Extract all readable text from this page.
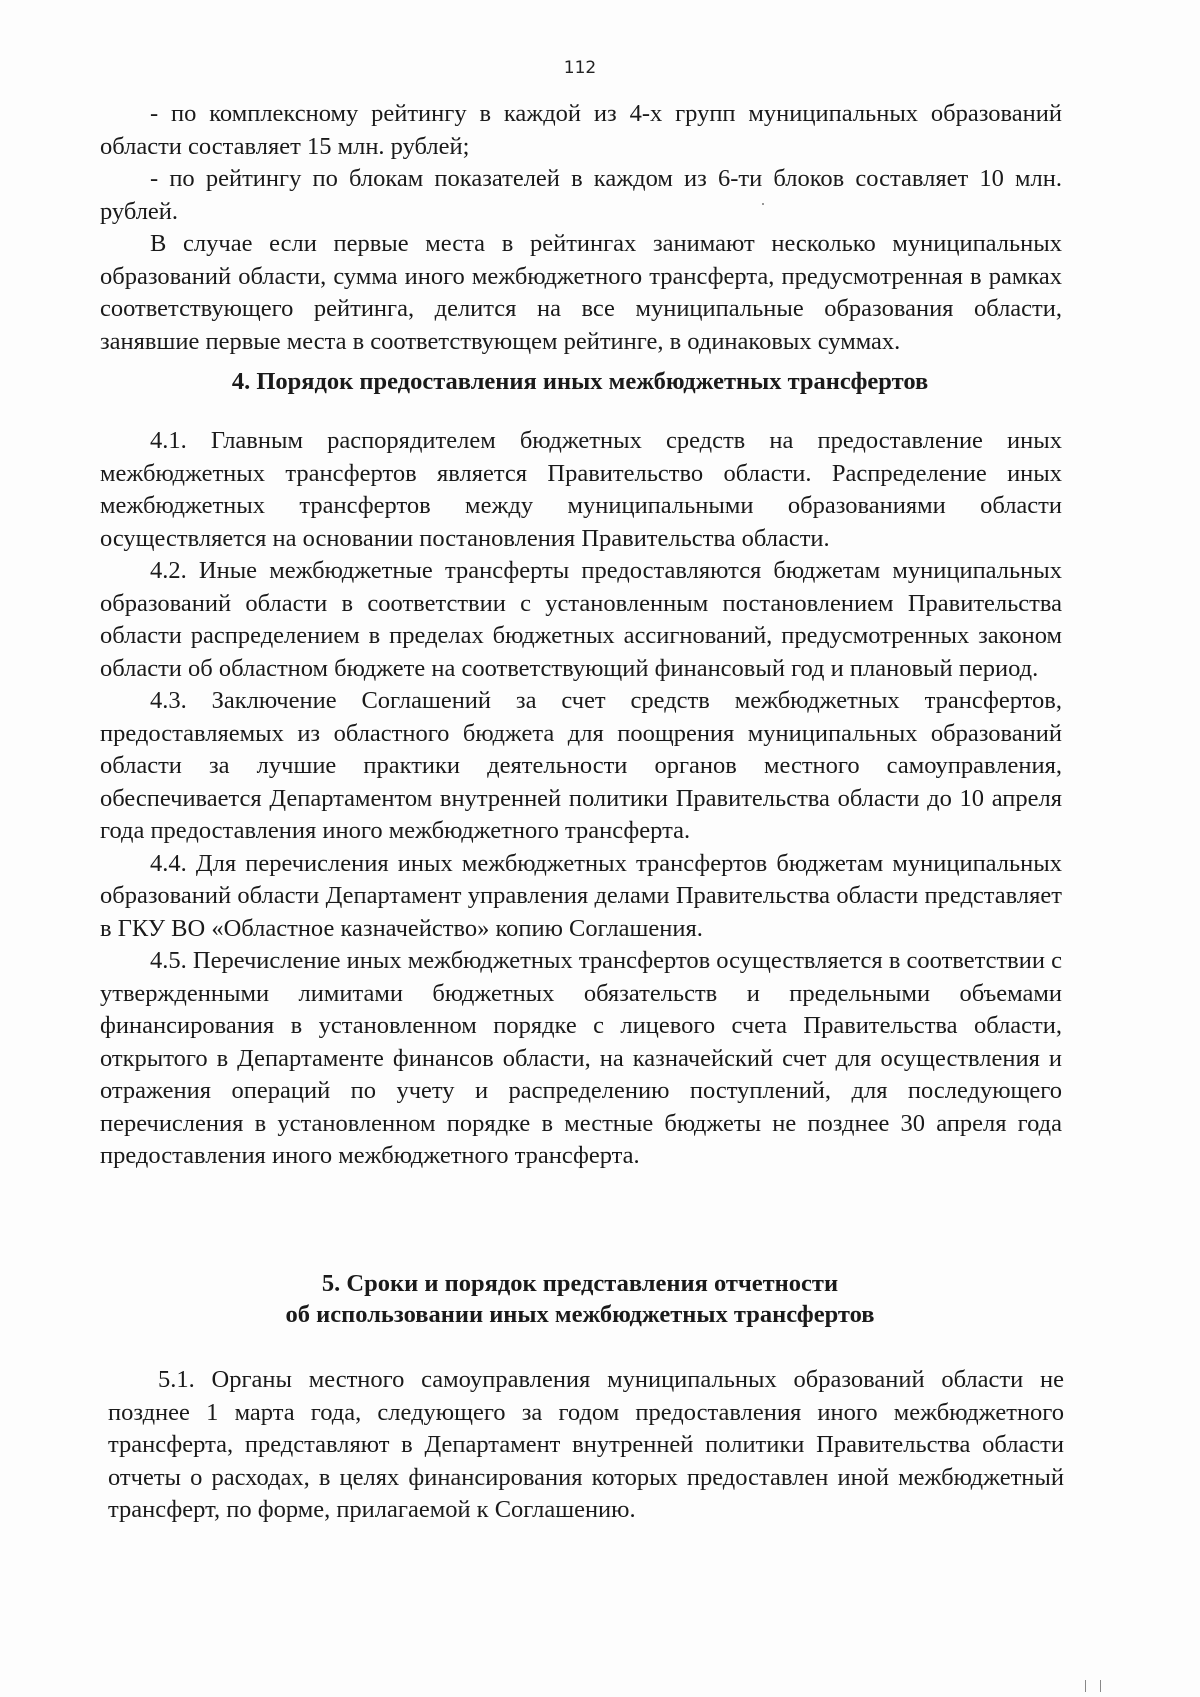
112

- по комплексному рейтингу в каждой из 4-х групп муниципальных образований области составляет 15 млн. рублей;

- по рейтингу по блокам показателей в каждом из 6-ти блоков составляет 10 млн. рублей.

В случае если первые места в рейтингах занимают несколько муниципальных образований области, сумма иного межбюджетного трансферта, предусмотренная в рамках соответствующего рейтинга, делится на все муниципальные образования области, занявшие первые места в соответствующем рейтинге, в одинаковых суммах.

4. Порядок предоставления иных межбюджетных трансфертов

4.1. Главным распорядителем бюджетных средств на предоставление иных межбюджетных трансфертов является Правительство области. Распределение иных межбюджетных трансфертов между муниципальными образованиями области осуществляется на основании постановления Правительства области.

4.2. Иные межбюджетные трансферты предоставляются бюджетам муниципальных образований области в соответствии с установленным постановлением Правительства области распределением в пределах бюджетных ассигнований, предусмотренных законом области об областном бюджете на соответствующий финансовый год и плановый период.

4.3. Заключение Соглашений за счет средств межбюджетных трансфертов, предоставляемых из областного бюджета для поощрения муниципальных образований области за лучшие практики деятельности органов местного самоуправления, обеспечивается Департаментом внутренней политики Правительства области до 10 апреля года предоставления иного межбюджетного трансферта.

4.4. Для перечисления иных межбюджетных трансфертов бюджетам муниципальных образований области Департамент управления делами Правительства области представляет в ГКУ ВО «Областное казначейство» копию Соглашения.

4.5. Перечисление иных межбюджетных трансфертов осуществляется в соответствии с утвержденными лимитами бюджетных обязательств и предельными объемами финансирования в установленном порядке с лицевого счета Правительства области, открытого в Департаменте финансов области, на казначейский счет для осуществления и отражения операций по учету и распределению поступлений, для последующего перечисления в установленном порядке в местные бюджеты не позднее 30 апреля года предоставления иного межбюджетного трансферта.

5. Сроки и порядок представления отчетности
об использовании иных межбюджетных трансфертов

5.1. Органы местного самоуправления муниципальных образований области не позднее 1 марта года, следующего за годом предоставления иного межбюджетного трансферта, представляют в Департамент внутренней политики Правительства области отчеты о расходах, в целях финансирования которых предоставлен иной межбюджетный трансферт, по форме, прилагаемой к Соглашению.
